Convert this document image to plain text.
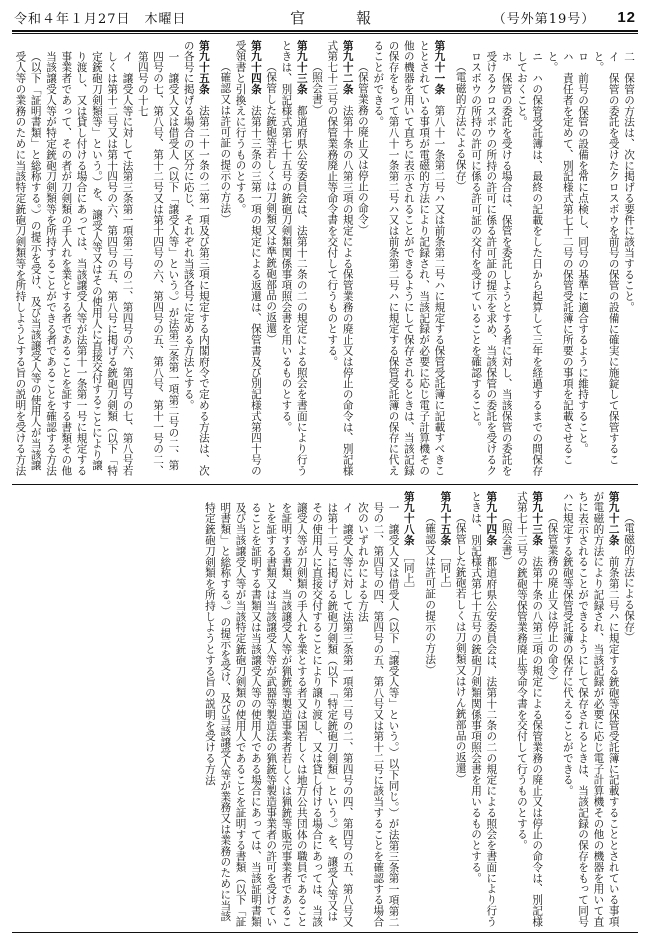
令和４年１月27日　木曜日	官　報	（号外第19号） 12

二　保管の方法は、次に掲げる要件に該当すること。

イ　保管の委託を受けたクロスボウを前号の保管の設備に確実に施錠して保管すること。

ロ　前号の保管の設備を常に点検し、同号の基準に適合するように維持すること。

ハ　責任者を定めて、別記様式第七十二号の保管受託簿に所要の事項を記載させること。

ニ　ハの保管受託簿は、最終の記載をした日から起算して三年を経過するまでの間保存しておくこと。

ホ　保管の委託を受ける場合は、保管を委託しようとする者に対し、当該保管の委託を受けるクロスボウの所持の許可に係る許可証の提示を求め、当該保管の委託を受けるクロスボウの所持の許可に係る許可証の交付を受けていることを確認すること。

（電磁的方法による保存）

第九十一条　第八十一条第二号ハ又は前条第二号ハに規定する保管受託簿に記載すべきこととされている事項が電磁的方法により記録され、当該記録が必要に応じ電子計算機その他の機器を用いて直ちに表示されることができるようにして保存されるときは、当該記録の保存をもって第八十一条第二号ハ又は前条第二号ハに規定する保管受託簿の保存に代えることができる。

（保管業務の廃止又は停止の命令）

第九十二条　法第十条の八第三項の規定による保管業務の廃止又は停止の命令は、別記様式第七十三号の保管業務廃止等命令書を交付して行うものとする。

（照会書）

第九十三条　都道府県公安委員会は、法第十二条の二の規定による照会を書面により行うときは、別記様式第七十五号の銃砲刀剣類関係事項照会書を用いるものとする。

（保管した銃砲等若しくは刀剣類又は準銃砲部品の返還）

第九十四条　法第十三条の三第一項の規定による返還は、保管書及び別記様式第四十号の受領書と引換えに行うものとする。

（確認又は許可証の提示の方法）

第九十五条　法第二十一条の二第一項及び第三項に規定する内閣府令で定める方法は、次の各号に掲げる場合の区分に応じ、それぞれ当該各号に定める方法とする。

一　譲受人又は借受人（以下「譲受人等」という。）が法第三条第一項第二号の二、第四号の七、第八号、第十二号又は第十四号の六、第四号の五、第八号、第十一号の二、第四号の十七

イ　譲受人等に対して法第三条第一項第二号の二、第四号の六、第四号の七、第八号若しくは第十二号又は第十四号の六、第四号の五、第八号に掲げる銃砲刀剣類（以下「特定銃砲刀剣類等」という。）を、譲受人等又はその使用人に直接交付することにより譲り渡し、又は貸し付ける場合にあっては、当該譲受人等が法第十一条第一号に規定する事業者であって、その者が刀剣類の手入れを業とする者であることを証する書類その他当該譲受人等が特定銃砲刀剣類等を所持することができる者であることを確認する方法（以下「証明書類」と総称する。）の提示を受け、及び当該譲受人等の使用人が当該譲受人等の業務のために当該特定銃砲刀剣類等を所持しようとする旨の説明を受ける方法

（電磁的方法による保存）

第九十二条　前条第二号ハに規定する銃砲等保管受託簿に記載することとされている事項が電磁的方法により記録され、当該記録が必要に応じ電子計算機その他の機器を用いて直ちに表示されることができるようにして保存されるときは、当該記録の保存をもって同号ハに規定する銃砲等保管受託簿の保存に代えることができる。

（保管業務の廃止又は停止の命令）

第九十三条　法第十条の八第三項の規定による保管業務の廃止又は停止の命令は、別記様式第七十三号の銃砲等保管業務廃止等命令書を交付して行うものとする。

（照会書）

第九十四条　都道府県公安委員会は、法第十二条の二の規定による照会を書面により行うときは、別記様式第七十五号の銃砲刀剣類関係事項照会書を用いるものとする。

（保管した銃砲若しくは刀剣類又はけん銃部品の返還）

第九十五条　［同上］

（確認又は許可証の提示の方法）

第九十八条　［同上］

一　譲受人又は借受人（以下「譲受人等」という。）以下同じ。）が法第三条第一項第二号の二、第四号の四、第四号の五、第八号又は第十二号に該当することを確認する場合　次のいずれかによる方法

イ　譲受人等に対して法第三条第一項第二号の二、第四号の四、第四号の五、第八号又は第十二号に掲げる銃砲刀剣類（以下「特定銃砲刀剣類」という。）を、譲受人等又はその使用人に直接交付することにより譲り渡し、又は貸し付ける場合にあっては、当該譲受人等が刀剣類の手入れを業とする者又は国若しくは地方公共団体の職員であることを証明する書類、当該譲受人等が猟銃等製造事業者若しくは猟銃等販売事業者であることを証する書類又は当該譲受人等が武器等製造法の猟銃等製造事業者の許可を受けていることを証明する書類又は当該譲受人等の使用人である場合にあっては、当該証明書類及び当該譲受人等が当該特定銃砲刀剣類の使用人であることを証明する書類（以下「証明書類」と総称する。）の提示を受け、及び当該譲受人等が業務又は業務のために当該特定銃砲刀剣類を所持しようとする旨の説明を受ける方法
